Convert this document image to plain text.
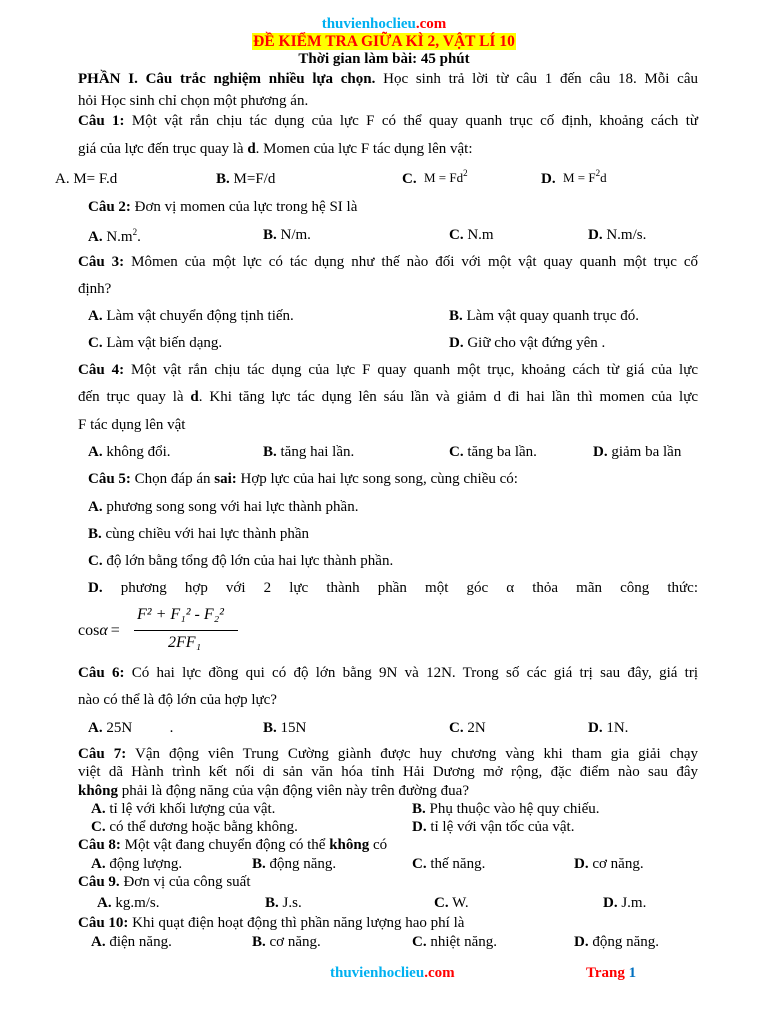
thuvienhoclieu.com
ĐỀ KIỂM TRA GIỮA KÌ 2, VẬT LÍ 10
Thời gian làm bài: 45 phút
PHẦN I. Câu trắc nghiệm nhiều lựa chọn. Học sinh trả lời từ câu 1 đến câu 18. Mỗi câu
hỏi Học sinh chỉ chọn một phương án.
Câu 1: Một vật rắn chịu tác dụng của lực F có thể quay quanh trục cố định, khoảng cách từ
giá của lực đến trục quay là d. Momen của lực F tác dụng lên vật:
A. M= F.d	B. M=F/d	C. $M = Fd^2$	D. $M = F^2d$
Câu 2: Đơn vị momen của lực trong hệ SI là
A. $N.m^2$.	B. N/m.	C. N.m	D. N.m/s.
Câu 3: Mômen của một lực có tác dụng như thế nào đối với một vật quay quanh một trục cố
định?
A. Làm vật chuyển động tịnh tiến.	B. Làm vật quay quanh trục đó.
C. Làm vật biến dạng.	D. Giữ cho vật đứng yên .
Câu 4: Một vật rắn chịu tác dụng của lực F quay quanh một trục, khoảng cách từ giá của lực
đến trục quay là d. Khi tăng lực tác dụng lên sáu lần và giảm d đi hai lần thì momen của lực
F tác dụng lên vật
A. không đổi.	B. tăng hai lần.	C. tăng ba lần.	D. giảm ba lần
Câu 5: Chọn đáp án sai: Hợp lực của hai lực song song, cùng chiều có:
A. phương song song với hai lực thành phần.
B. cùng chiều với hai lực thành phần
C. độ lớn bằng tổng độ lớn của hai lực thành phần.
D. phương hợp với 2 lực thành phần một góc α thỏa mãn công thức:
cosα =
F² + F₁² - F₂²
2FF₁
Câu 6: Có hai lực đồng qui có độ lớn bằng 9N và 12N. Trong số các giá trị sau đây, giá trị
nào có thể là độ lớn của hợp lực?
A. 25N          .	B. 15N	C. 2N	D. 1N.
Câu 7: Vận động viên Trung Cường giành được huy chương vàng khi tham gia giải chạy
việt dã Hành trình kết nối di sản văn hóa tỉnh Hải Dương mở rộng, đặc điểm nào sau đây
không phải là động năng của vận động viên này trên đường đua?
A. tỉ lệ với khối lượng của vật.	B. Phụ thuộc vào hệ quy chiếu.
C. có thể dương hoặc bằng không.	D. tỉ lệ với vận tốc của vật.
Câu 8: Một vật đang chuyển động có thể không có
A. động lượng.	B. động năng.	C. thế năng.	D. cơ năng.
Câu 9. Đơn vị của công suất
A. kg.m/s.	B. J.s.	C. W.	D. J.m.
Câu 10: Khi quạt điện hoạt động thì phần năng lượng hao phí là
A. điện năng.	B. cơ năng.	C. nhiệt năng.	D. động năng.
thuvienhoclieu.com	Trang 1
